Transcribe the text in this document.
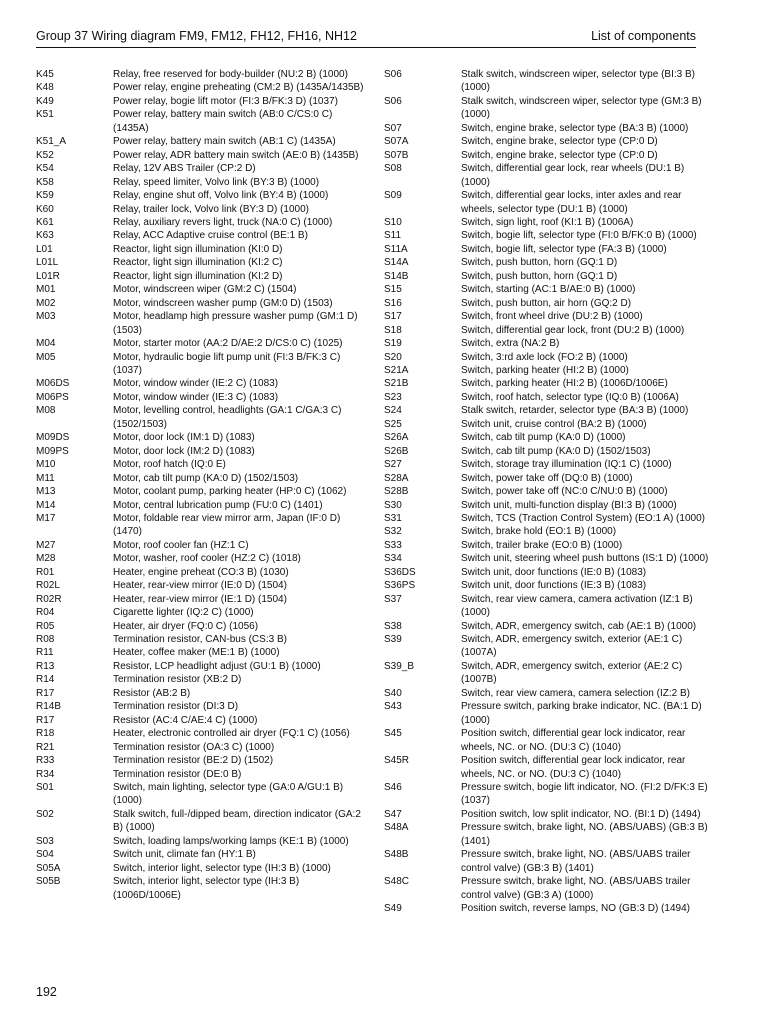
Group 37 Wiring diagram FM9, FM12, FH12, FH16, NH12	List of components
K45	Relay, free reserved for body-builder (NU:2 B) (1000)
K48	Power relay, engine preheating (CM:2 B) (1435A/1435B)
K49	Power relay, bogie lift motor (FI:3 B/FK:3 D) (1037)
K51	Power relay, battery main switch (AB:0 C/CS:0 C) (1435A)
K51_A	Power relay, battery main switch (AB:1 C) (1435A)
K52	Power relay, ADR battery main switch (AE:0 B) (1435B)
K54	Relay, 12V ABS Trailer (CP:2 D)
K58	Relay, speed limiter, Volvo link (BY:3 B) (1000)
K59	Relay, engine shut off, Volvo link (BY:4 B) (1000)
K60	Relay, trailer lock, Volvo link (BY:3 D) (1000)
K61	Relay, auxiliary revers light, truck (NA:0 C) (1000)
K63	Relay, ACC Adaptive cruise control (BE:1 B)
L01	Reactor, light sign illumination (KI:0 D)
L01L	Reactor, light sign illumination (KI:2 C)
L01R	Reactor, light sign illumination (KI:2 D)
M01	Motor, windscreen wiper (GM:2 C) (1504)
M02	Motor, windscreen washer pump (GM:0 D) (1503)
M03	Motor, headlamp high pressure washer pump (GM:1 D) (1503)
M04	Motor, starter motor (AA:2 D/AE:2 D/CS:0 C) (1025)
M05	Motor, hydraulic bogie lift pump unit (FI:3 B/FK:3 C) (1037)
M06DS	Motor, window winder (IE:2 C) (1083)
M06PS	Motor, window winder (IE:3 C) (1083)
M08	Motor, levelling control, headlights (GA:1 C/GA:3 C) (1502/1503)
M09DS	Motor, door lock (IM:1 D) (1083)
M09PS	Motor, door lock (IM:2 D) (1083)
M10	Motor, roof hatch (IQ:0 E)
M11	Motor, cab tilt pump (KA:0 D) (1502/1503)
M13	Motor, coolant pump, parking heater (HP:0 C) (1062)
M14	Motor, central lubrication pump (FU:0 C) (1401)
M17	Motor, foldable rear view mirror arm, Japan (IF:0 D) (1470)
M27	Motor, roof cooler fan (HZ:1 C)
M28	Motor, washer, roof cooler (HZ:2 C) (1018)
R01	Heater, engine preheat (CO:3 B) (1030)
R02L	Heater, rear-view mirror (IE:0 D) (1504)
R02R	Heater, rear-view mirror (IE:1 D) (1504)
R04	Cigarette lighter (IQ:2 C) (1000)
R05	Heater, air dryer (FQ:0 C) (1056)
R08	Termination resistor, CAN-bus (CS:3 B)
R11	Heater, coffee maker (ME:1 B) (1000)
R13	Resistor, LCP headlight adjust (GU:1 B) (1000)
R14	Termination resistor (XB:2 D)
R17	Resistor (AB:2 B)
R14B	Termination resistor (DI:3 D)
R17	Resistor (AC:4 C/AE:4 C) (1000)
R18	Heater, electronic controlled air dryer (FQ:1 C) (1056)
R21	Termination resistor (OA:3 C) (1000)
R33	Termination resistor (BE:2 D) (1502)
R34	Termination resistor (DE:0 B)
S01	Switch, main lighting, selector type (GA:0 A/GU:1 B) (1000)
S02	Stalk switch, full-/dipped beam, direction indicator (GA:2 B) (1000)
S03	Switch, loading lamps/working lamps (KE:1 B) (1000)
S04	Switch unit, climate fan (HY:1 B)
S05A	Switch, interior light, selector type (IH:3 B) (1000)
S05B	Switch, interior light, selector type (IH:3 B) (1006D/1006E)
S06	Stalk switch, windscreen wiper, selector type (BI:3 B) (1000)
S06	Stalk switch, windscreen wiper, selector type (GM:3 B) (1000)
S07	Switch, engine brake, selector type (BA:3 B) (1000)
S07A	Switch, engine brake, selector type (CP:0 D)
S07B	Switch, engine brake, selector type (CP:0 D)
S08	Switch, differential gear lock, rear wheels (DU:1 B) (1000)
S09	Switch, differential gear locks, inter axles and rear wheels, selector type (DU:1 B) (1000)
S10	Switch, sign light, roof (KI:1 B) (1006A)
S11	Switch, bogie lift, selector type (FI:0 B/FK:0 B) (1000)
S11A	Switch, bogie lift, selector type (FA:3 B) (1000)
S14A	Switch, push button, horn (GQ:1 D)
S14B	Switch, push button, horn (GQ:1 D)
S15	Switch, starting (AC:1 B/AE:0 B) (1000)
S16	Switch, push button, air horn (GQ:2 D)
S17	Switch, front wheel drive (DU:2 B) (1000)
S18	Switch, differential gear lock, front (DU:2 B) (1000)
S19	Switch, extra (NA:2 B)
S20	Switch, 3:rd axle lock (FO:2 B) (1000)
S21A	Switch, parking heater (HI:2 B) (1000)
S21B	Switch, parking heater (HI:2 B) (1006D/1006E)
S23	Switch, roof hatch, selector type (IQ:0 B) (1006A)
S24	Stalk switch, retarder, selector type (BA:3 B) (1000)
S25	Switch unit, cruise control (BA:2 B) (1000)
S26A	Switch, cab tilt pump (KA:0 D) (1000)
S26B	Switch, cab tilt pump (KA:0 D) (1502/1503)
S27	Switch, storage tray illumination (IQ:1 C) (1000)
S28A	Switch, power take off (DQ:0 B) (1000)
S28B	Switch, power take off (NC:0 C/NU:0 B) (1000)
S30	Switch unit, multi-function display (BI:3 B) (1000)
S31	Switch, TCS (Traction Control System) (EO:1 A) (1000)
S32	Switch, brake hold (EO:1 B) (1000)
S33	Switch, trailer brake (EO:0 B) (1000)
S34	Switch unit, steering wheel push buttons (IS:1 D) (1000)
S36DS	Switch unit, door functions (IE:0 B) (1083)
S36PS	Switch unit, door functions (IE:3 B) (1083)
S37	Switch, rear view camera, camera activation (IZ:1 B) (1000)
S38	Switch, ADR, emergency switch, cab (AE:1 B) (1000)
S39	Switch, ADR, emergency switch, exterior (AE:1 C) (1007A)
S39_B	Switch, ADR, emergency switch, exterior (AE:2 C) (1007B)
S40	Switch, rear view camera, camera selection (IZ:2 B)
S43	Pressure switch, parking brake indicator, NC. (BA:1 D) (1000)
S45	Position switch, differential gear lock indicator, rear wheels, NC. or NO. (DU:3 C) (1040)
S45R	Position switch, differential gear lock indicator, rear wheels, NC. or NO. (DU:3 C) (1040)
S46	Pressure switch, bogie lift indicator, NO. (FI:2 D/FK:3 E) (1037)
S47	Position switch, low split indicator, NO. (BI:1 D) (1494)
S48A	Pressure switch, brake light, NO. (ABS/UABS) (GB:3 B) (1401)
S48B	Pressure switch, brake light, NO. (ABS/UABS trailer control valve) (GB:3 B) (1401)
S48C	Pressure switch, brake light, NO. (ABS/UABS trailer control valve) (GB:3 A) (1000)
S49	Position switch, reverse lamps, NO (GB:3 D) (1494)
192
